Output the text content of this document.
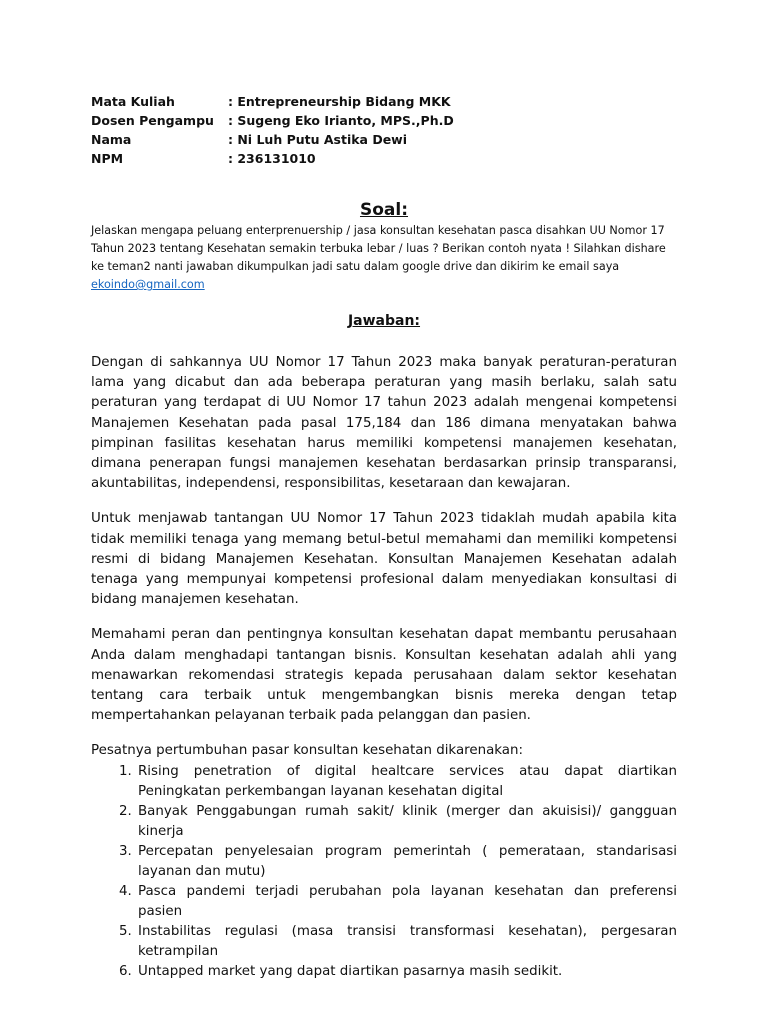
Mata Kuliah	: Entrepreneurship Bidang MKK
Dosen Pengampu	: Sugeng Eko Irianto, MPS.,Ph.D
Nama	: Ni Luh Putu Astika Dewi
NPM	: 236131010
Soal:
Jelaskan mengapa peluang enterprenuership / jasa konsultan kesehatan pasca disahkan UU Nomor 17 Tahun 2023 tentang Kesehatan semakin terbuka lebar / luas ? Berikan contoh nyata ! Silahkan dishare ke teman2 nanti jawaban dikumpulkan jadi satu dalam google drive dan dikirim ke email saya
ekoindo@gmail.com
Jawaban:

Dengan di sahkannya UU Nomor 17 Tahun 2023 maka banyak peraturan-peraturan lama yang dicabut dan ada beberapa peraturan yang masih berlaku, salah satu peraturan yang terdapat di UU Nomor 17 tahun 2023 adalah mengenai kompetensi Manajemen Kesehatan pada pasal 175,184 dan 186 dimana menyatakan bahwa pimpinan fasilitas kesehatan harus memiliki kompetensi manajemen kesehatan, dimana penerapan fungsi manajemen kesehatan berdasarkan prinsip transparansi, akuntabilitas, independensi, responsibilitas, kesetaraan dan kewajaran.

Untuk menjawab tantangan UU Nomor 17 Tahun 2023 tidaklah mudah apabila kita tidak memiliki tenaga yang memang betul-betul memahami dan memiliki kompetensi resmi di bidang Manajemen Kesehatan. Konsultan Manajemen Kesehatan adalah tenaga yang mempunyai kompetensi profesional dalam menyediakan konsultasi di bidang manajemen kesehatan.

Memahami peran dan pentingnya konsultan kesehatan dapat membantu perusahaan Anda dalam menghadapi tantangan bisnis. Konsultan kesehatan adalah ahli yang menawarkan rekomendasi strategis kepada perusahaan dalam sektor kesehatan tentang cara terbaik untuk mengembangkan bisnis mereka dengan tetap mempertahankan pelayanan terbaik pada pelanggan dan pasien.

Pesatnya pertumbuhan pasar konsultan kesehatan dikarenakan:
1. Rising penetration of digital healtcare services atau dapat diartikan Peningkatan perkembangan layanan kesehatan digital
2. Banyak Penggabungan rumah sakit/ klinik (merger dan akuisisi)/ gangguan kinerja
3. Percepatan penyelesaian program pemerintah ( pemerataan, standarisasi layanan dan mutu)
4. Pasca pandemi terjadi perubahan pola layanan kesehatan dan preferensi pasien
5. Instabilitas regulasi (masa transisi transformasi kesehatan), pergesaran ketrampilan
6. Untapped market yang dapat diartikan pasarnya masih sedikit.
